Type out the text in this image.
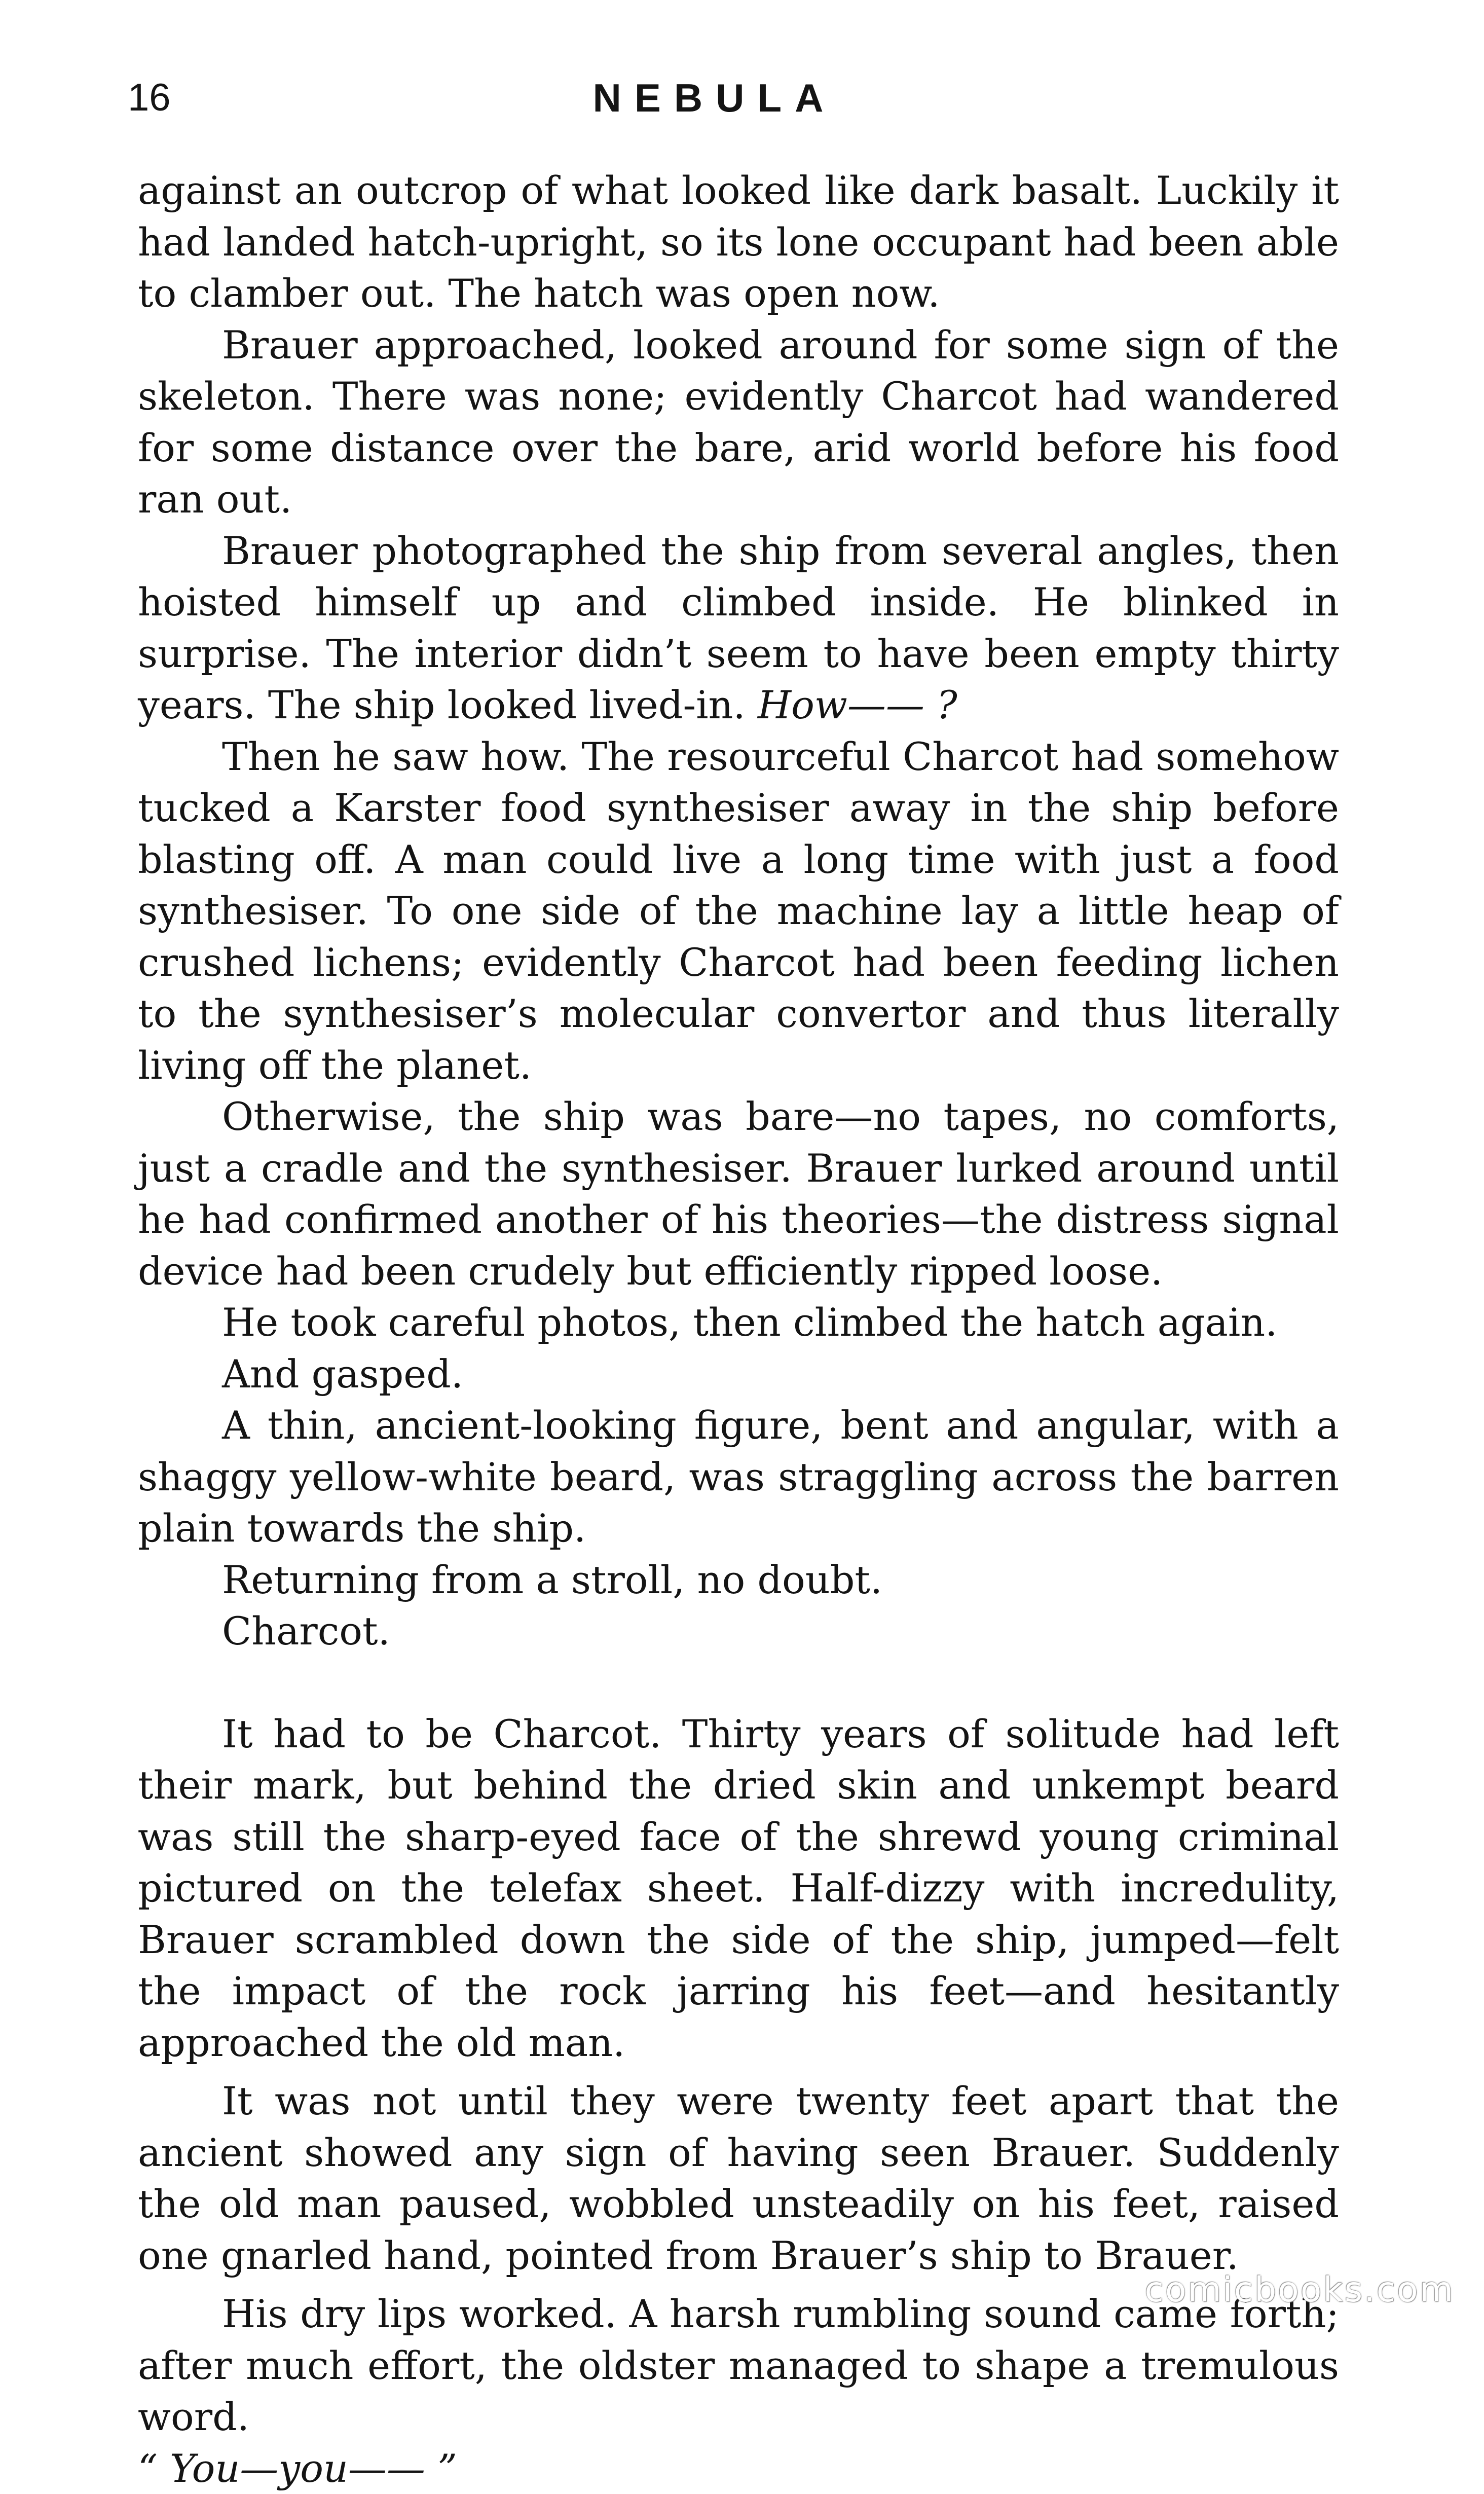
16	NEBULA

against an outcrop of what looked like dark basalt. Luckily it had landed hatch-upright, so its lone occupant had been able to clamber out. The hatch was open now.

Brauer approached, looked around for some sign of the skeleton. There was none; evidently Charcot had wandered for some distance over the bare, arid world before his food ran out.

Brauer photographed the ship from several angles, then hoisted himself up and climbed inside. He blinked in surprise. The interior didn’t seem to have been empty thirty years. The ship looked lived-in. How—— ?

Then he saw how. The resourceful Charcot had somehow tucked a Karster food synthesiser away in the ship before blasting off. A man could live a long time with just a food synthesiser. To one side of the machine lay a little heap of crushed lichens; evidently Charcot had been feeding lichen to the synthesiser’s molecular convertor and thus literally living off the planet.

Otherwise, the ship was bare—no tapes, no comforts, just a cradle and the synthesiser. Brauer lurked around until he had confirmed another of his theories—the distress signal device had been crudely but efficiently ripped loose.

He took careful photos, then climbed the hatch again.

And gasped.

A thin, ancient-looking figure, bent and angular, with a shaggy yellow-white beard, was straggling across the barren plain towards the ship.

Returning from a stroll, no doubt.

Charcot.

It had to be Charcot. Thirty years of solitude had left their mark, but behind the dried skin and unkempt beard was still the sharp-eyed face of the shrewd young criminal pictured on the telefax sheet. Half-dizzy with incredulity, Brauer scrambled down the side of the ship, jumped—felt the impact of the rock jarring his feet—and hesitantly approached the old man.

It was not until they were twenty feet apart that the ancient showed any sign of having seen Brauer. Suddenly the old man paused, wobbled unsteadily on his feet, raised one gnarled hand, pointed from Brauer’s ship to Brauer.

His dry lips worked. A harsh rumbling sound came forth; after much effort, the oldster managed to shape a tremulous word.

“ You—you—— ”

comicbooks.com
